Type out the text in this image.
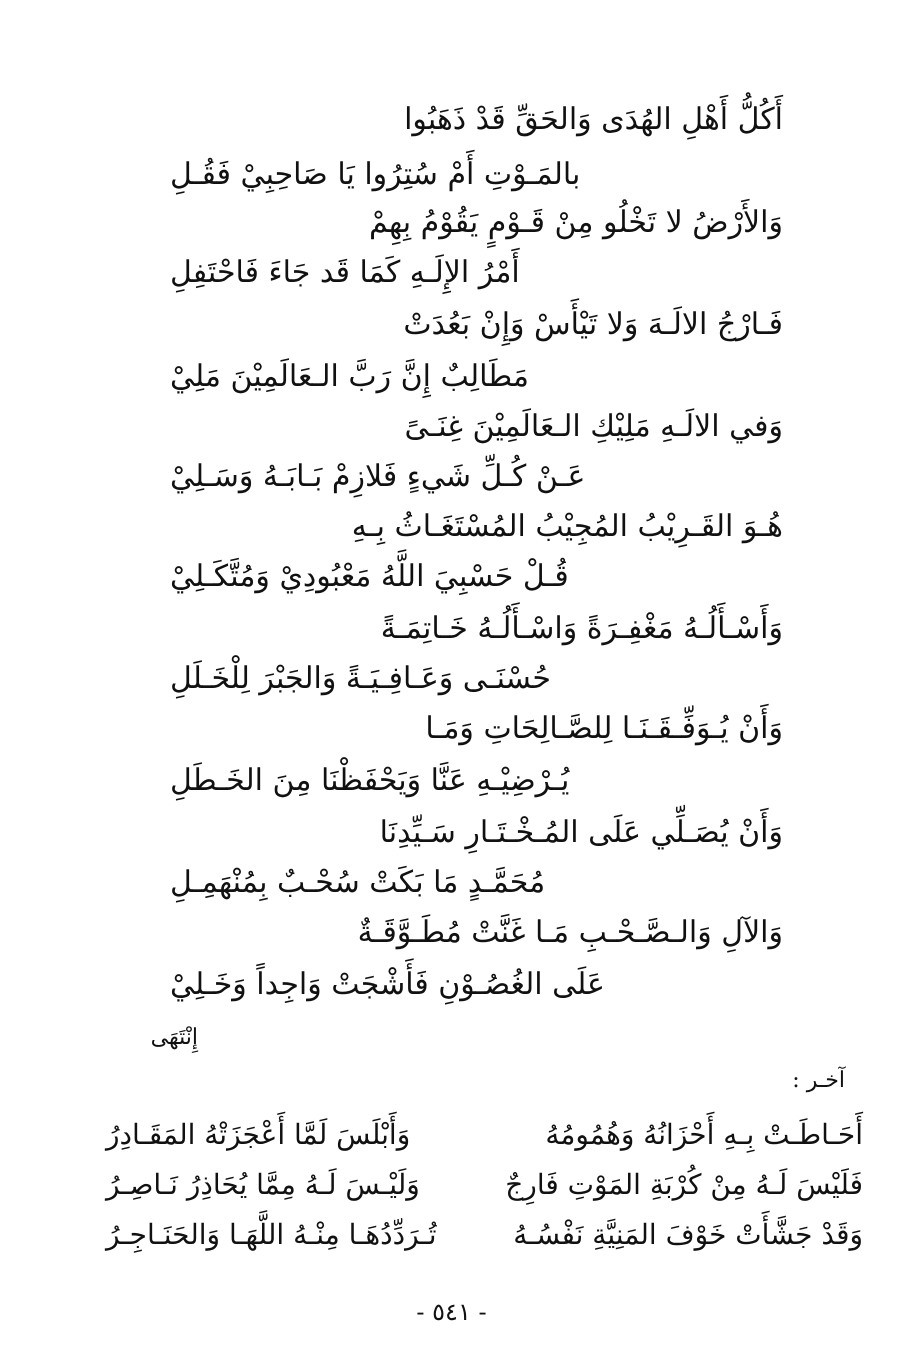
أَكُلُّ أَهْلِ الهُدَى وَالحَقِّ قَدْ ذَهَبُوا
بالمَـوْتِ أَمْ سُتِرُوا يَا صَاحِبِيْ فَقُـلِ
وَالأَرْضُ لا تَخْلُو مِنْ قَـوْمٍ يَقُوْمُ بِهِمْ
أَمْرُ الإِلَـهِ كَمَا قَد جَاءَ فَاحْتَفِلِ
فَـارْجُ الالَـهَ وَلا تَيْأَسْ وَإِنْ بَعُدَتْ
مَطَالِبٌ إِنَّ رَبَّ الـعَالَمِيْنَ مَلِيْ
وَفي الالَـهِ مَلِيْكِ الـعَالَمِيْنَ غِنَـىً
عَـنْ كُـلِّ شَيءٍ فَلازِمْ بَـابَـهُ وَسَـلِيْ
هُـوَ القَـرِيْبُ المُجِيْبُ المُسْتَغَـاثُ بِـهِ
قُـلْ حَسْبِيَ اللَّهُ مَعْبُودِيْ وَمُتَّكَـلِيْ
وَأَسْـأَلُـهُ مَغْفِـرَةً وَاسْـأَلُـهُ خَـاتِمَـةً
حُسْنَـى وَعَـافِـيَـةً وَالجَبْرَ لِلْخَـلَلِ
وَأَنْ يُـوَفِّـقَـنَـا لِلصَّـالِحَاتِ وَمَـا
يُـرْضِيْـهِ عَنَّا وَيَحْفَظْنَا مِنَ الخَـطَلِ
وَأَنْ يُصَـلِّي عَلَى المُـخْـتَـارِ سَـيِّدِنَا
مُحَمَّـدٍ مَا بَكَتْ سُحْـبٌ بِمُنْهَمِـلِ
وَالآلِ وَالـصَّـحْـبِ مَـا غَنَّتْ مُطَـوَّقَـةٌ
عَلَى الغُصُـوْنِ فَأَشْجَتْ وَاجِداً وَخَـلِيْ
إِنْتَهَى
آخـر :
أَحَـاطَـتْ بِـهِ أَحْزَانُهُ وَهُمُومُهُ
وَأَبْلَسَ لَمَّا أَعْجَزَتْهُ المَقَـادِرُ
فَلَيْسَ لَـهُ مِنْ كُرْبَةِ المَوْتِ فَارِجٌ
وَلَيْـسَ لَـهُ مِمَّا يُحَاذِرُ نَـاصِـرُ
وَقَدْ جَشَّأَتْ خَوْفَ المَنِيَّةِ نَفْسُـهُ
تُـرَدِّدُهَـا مِنْـهُ اللَّهَـا وَالحَنَـاجِـرُ
- ٥٤١ -
